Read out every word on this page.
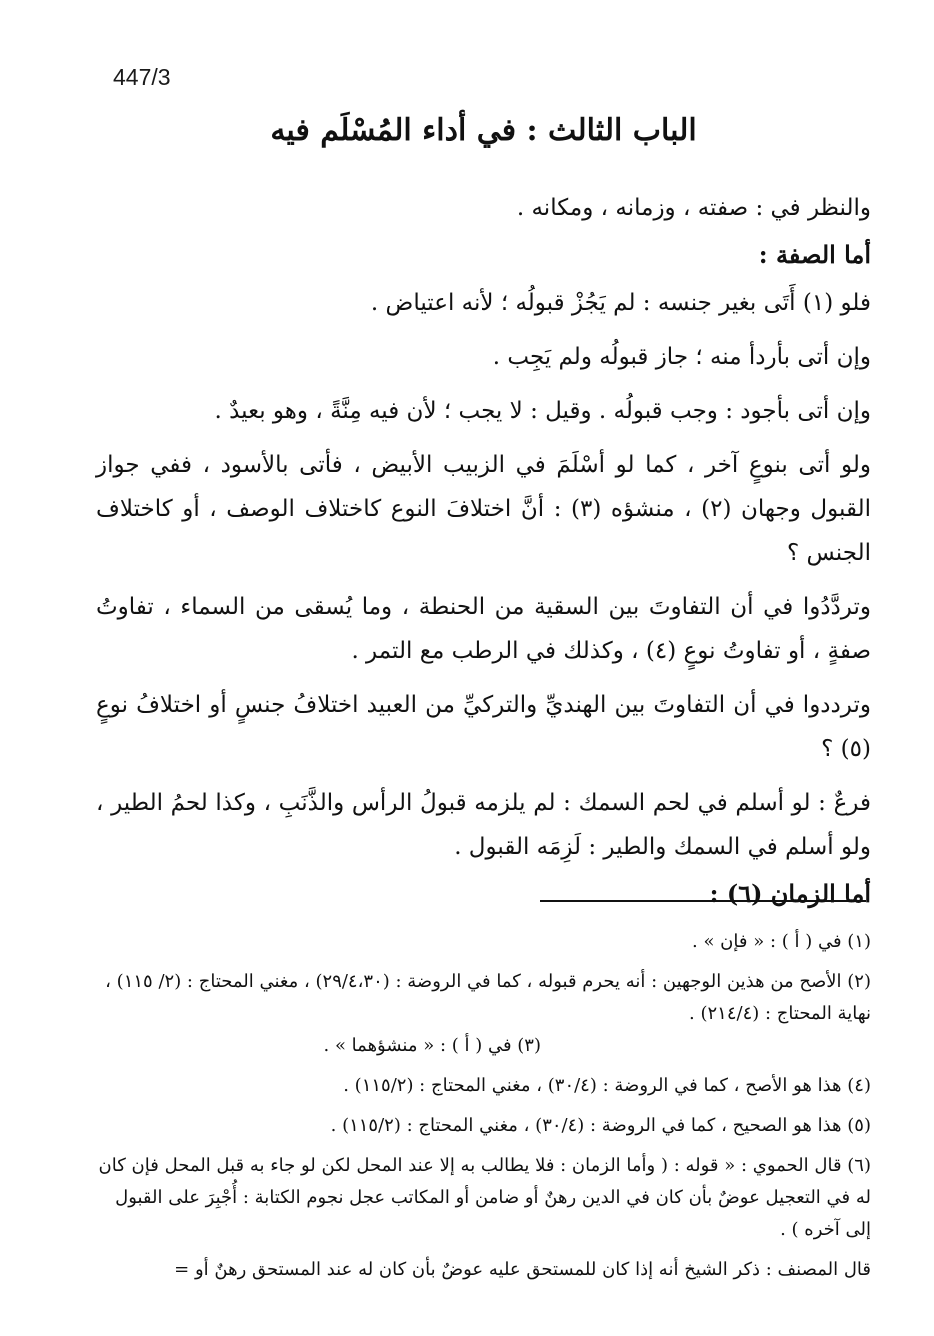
447/3
الباب الثالث : في أداء المُسْلَم فيه
والنظر في : صفته ، وزمانه ، ومكانه .
أما الصفة :
فلو (١) أَتَى بغير جنسه : لم يَجُزْ قبولُه ؛ لأنه اعتياض .
وإن أتى بأردأ منه ؛ جاز قبولُه ولم يَجِب .
وإن أتى بأجود : وجب قبولُه . وقيل : لا يجب ؛ لأن فيه مِنَّةً ، وهو بعيدٌ .
ولو أتى بنوعٍ آخر ، كما لو أسْلَمَ في الزبيب الأبيض ، فأتى بالأسود ، ففي جواز القبول وجهان (٢) ، منشؤه (٣) : أنَّ اختلافَ النوع كاختلاف الوصف ، أو كاختلاف الجنس ؟
وتردَّدُوا في أن التفاوتَ بين السقية من الحنطة ، وما يُسقى من السماء ، تفاوتُ صفةٍ ، أو تفاوتُ نوعٍ (٤) ، وكذلك في الرطب مع التمر .
وترددوا في أن التفاوتَ بين الهنديِّ والتركيِّ من العبيد اختلافُ جنسٍ أو اختلافُ نوعٍ (٥) ؟
فرعٌ : لو أسلم في لحم السمك : لم يلزمه قبولُ الرأس والذَّنَبِ ، وكذا لحمُ الطير ، ولو أسلم في السمك والطير : لَزِمَه القبول .
أما الزمان (٦) :
(١) في ( أ ) : « فإن » .
(٢) الأصح من هذين الوجهين : أنه يحرم قبوله ، كما في الروضة : (٢٩/٤،٣٠) ، مغني المحتاج : (٢/ ١١٥) ، نهاية المحتاج : (٢١٤/٤) .
(٣) في ( أ ) : « منشؤهما » .
(٤) هذا هو الأصح ، كما في الروضة : (٣٠/٤) ، مغني المحتاج : (١١٥/٢) .
(٥) هذا هو الصحيح ، كما في الروضة : (٣٠/٤) ، مغني المحتاج : (١١٥/٢) .
(٦) قال الحموي : « قوله : ( وأما الزمان : فلا يطالب به إلا عند المحل لكن لو جاء به قبل المحل فإن كان له في التعجيل عوضٌ بأن كان في الدين رهنٌ أو ضامن أو المكاتب عجل نجوم الكتابة : أُجْبِرَ على القبول إلى آخره ) .
قال المصنف : ذكر الشيخ أنه إذا كان للمستحق عليه عوضٌ بأن كان له عند المستحق رهنٌ أو =
